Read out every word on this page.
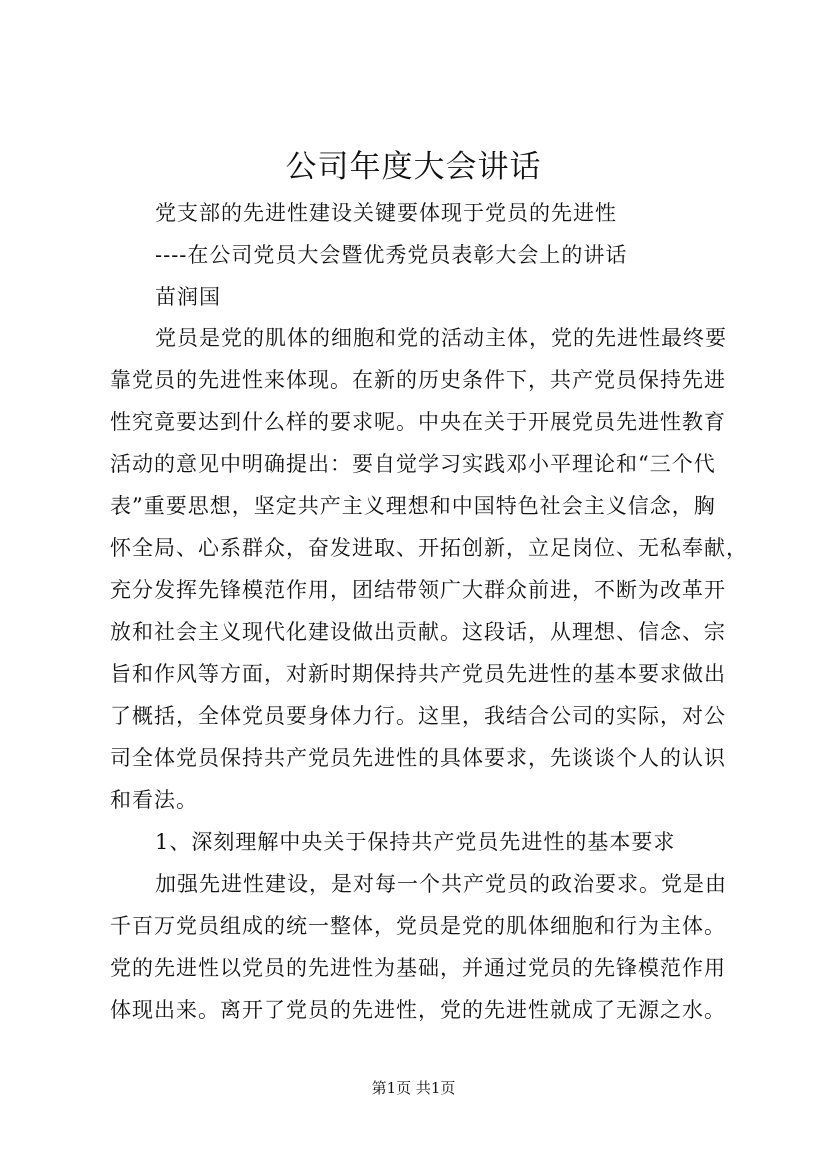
公司年度大会讲话
党支部的先进性建设关键要体现于党员的先进性
----在公司党员大会暨优秀党员表彰大会上的讲话
苗润国
党员是党的肌体的细胞和党的活动主体，党的先进性最终要
靠党员的先进性来体现。在新的历史条件下，共产党员保持先进
性究竟要达到什么样的要求呢。中央在关于开展党员先进性教育
活动的意见中明确提出：要自觉学习实践邓小平理论和“三个代
表”重要思想，坚定共产主义理想和中国特色社会主义信念，胸
怀全局、心系群众，奋发进取、开拓创新，立足岗位、无私奉献，
充分发挥先锋模范作用，团结带领广大群众前进，不断为改革开
放和社会主义现代化建设做出贡献。这段话，从理想、信念、宗
旨和作风等方面，对新时期保持共产党员先进性的基本要求做出
了概括，全体党员要身体力行。这里，我结合公司的实际，对公
司全体党员保持共产党员先进性的具体要求，先谈谈个人的认识
和看法。
1、深刻理解中央关于保持共产党员先进性的基本要求
加强先进性建设，是对每一个共产党员的政治要求。党是由
千百万党员组成的统一整体，党员是党的肌体细胞和行为主体。
党的先进性以党员的先进性为基础，并通过党员的先锋模范作用
体现出来。离开了党员的先进性，党的先进性就成了无源之水。
第1页 共1页
